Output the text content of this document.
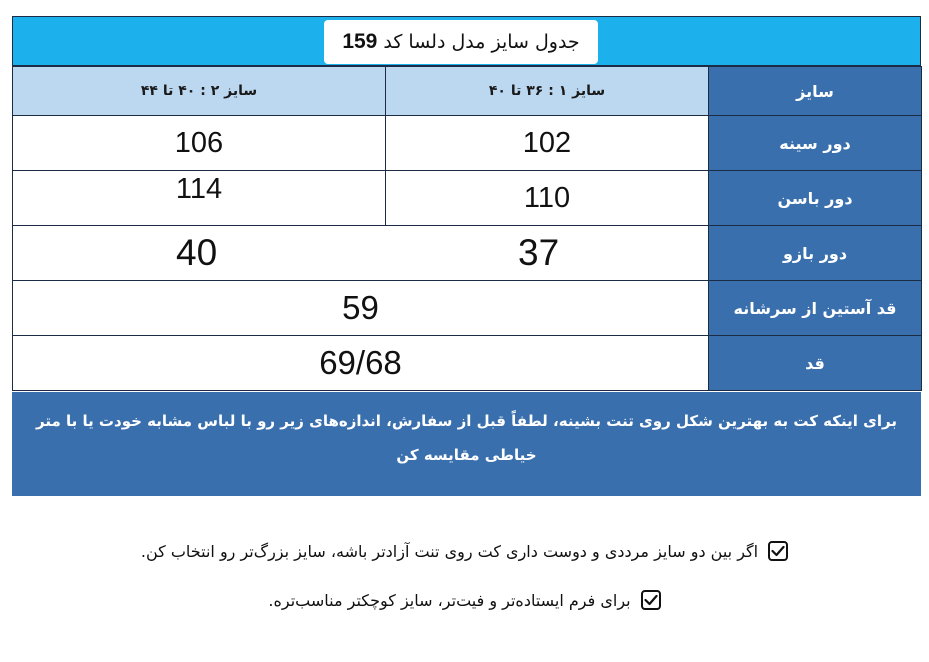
جدول سایز مدل دلسا کد
159
سایز
سایز ۱ : ۳۶ تا ۴۰
سایز ۲ : ۴۰ تا ۴۴
دور سینه
102
106
دور باسن
110
114
دور بازو
37
40
قد آستین از سرشانه
59
قد
69/68
برای اینکه کت به بهترین شکل روی تنت بشینه، لطفاً قبل از سفارش، اندازه‌های زیر رو با لباس مشابه خودت یا با متر خیاطی مقایسه کن
اگر بین دو سایز مرددی و دوست داری کت روی تنت آزادتر باشه، سایز بزرگ‌تر رو انتخاب کن.
برای فرم ایستاده‌تر و فیت‌تر، سایز کوچکتر مناسب‌تره.
